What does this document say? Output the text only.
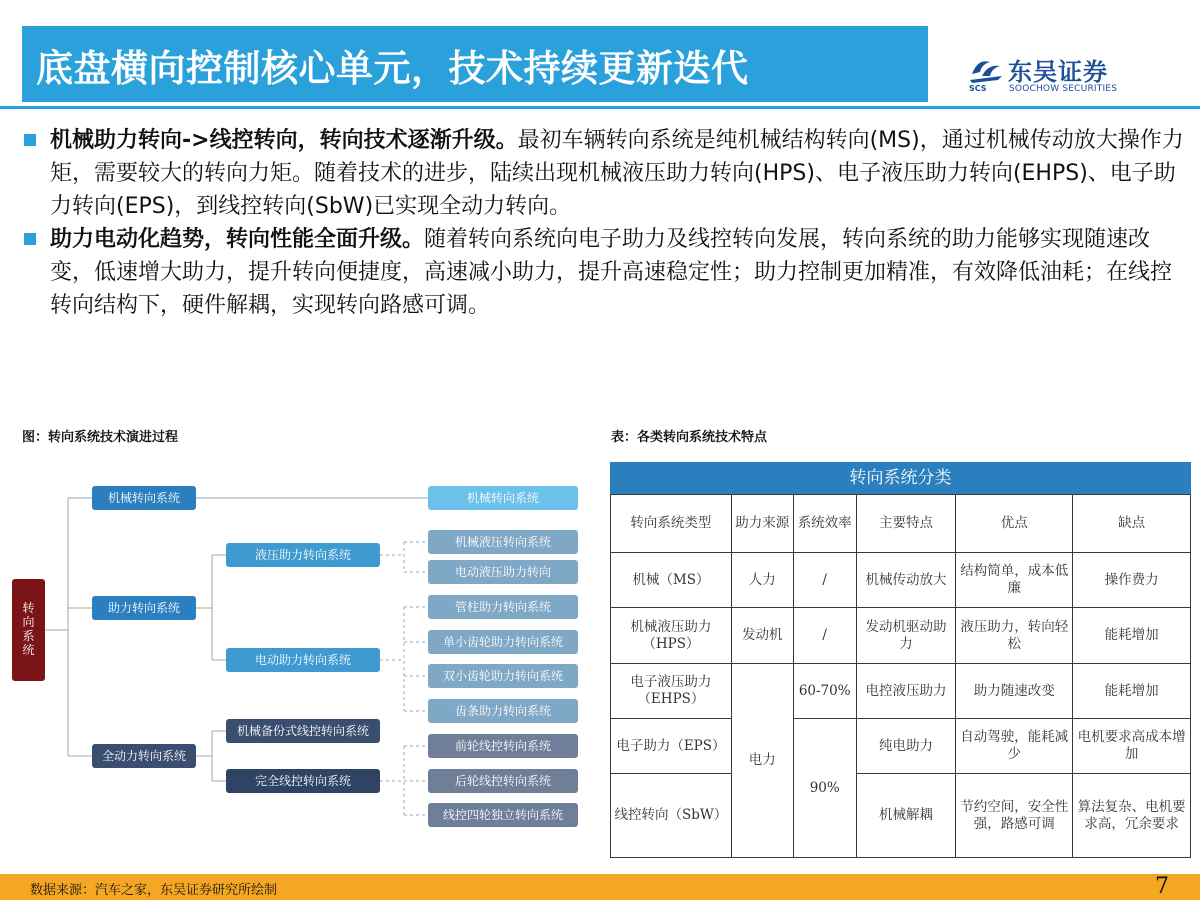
底盘横向控制核心单元，技术持续更新迭代	SCS
东吴证券
SOOCHOW SECURITIES
机械助力转向->线控转向，转向技术逐渐升级。最初车辆转向系统是纯机械结构转向(MS)，通过机械传动放大操作力矩，需要较大的转向力矩。随着技术的进步，陆续出现机械液压助力转向(HPS)、电子液压助力转向(EHPS)、电子助力转向(EPS)，到线控转向(SbW)已实现全动力转向。
助力电动化趋势，转向性能全面升级。随着转向系统向电子助力及线控转向发展，转向系统的助力能够实现随速改变，低速增大助力，提升转向便捷度，高速减小助力，提升高速稳定性；助力控制更加精准，有效降低油耗；在线控转向结构下，硬件解耦，实现转向路感可调。
图：转向系统技术演进过程	表：各类转向系统技术特点
转
向
系
统
机械转向系统
助力转向系统
全动力转向系统
液压助力转向系统
电动助力转向系统
机械备份式线控转向系统
完全线控转向系统
机械转向系统
机械液压转向系统
电动液压助力转向
管柱助力转向系统
单小齿轮助力转向系统
双小齿轮助力转向系统
齿条助力转向系统
前轮线控转向系统
后轮线控转向系统
线控四轮独立转向系统
转向系统分类
转向系统类型	助力来源	系统效率	主要特点	优点	缺点
机械（MS）	人力	/	机械传动放大	结构简单，成本低廉	操作费力
机械液压助力（HPS）	发动机	/	发动机驱动助力	液压助力，转向轻松	能耗增加
电子液压助力（EHPS）	电力	60-70%	电控液压助力	助力随速改变	能耗增加
电子助力（EPS）		90%	纯电助力	自动驾驶，能耗减少	电机要求高成本增加
线控转向（SbW）			机械解耦	节约空间，安全性强，路感可调	算法复杂、电机要求高，冗余要求
数据来源：汽车之家，东吴证券研究所绘制	7
